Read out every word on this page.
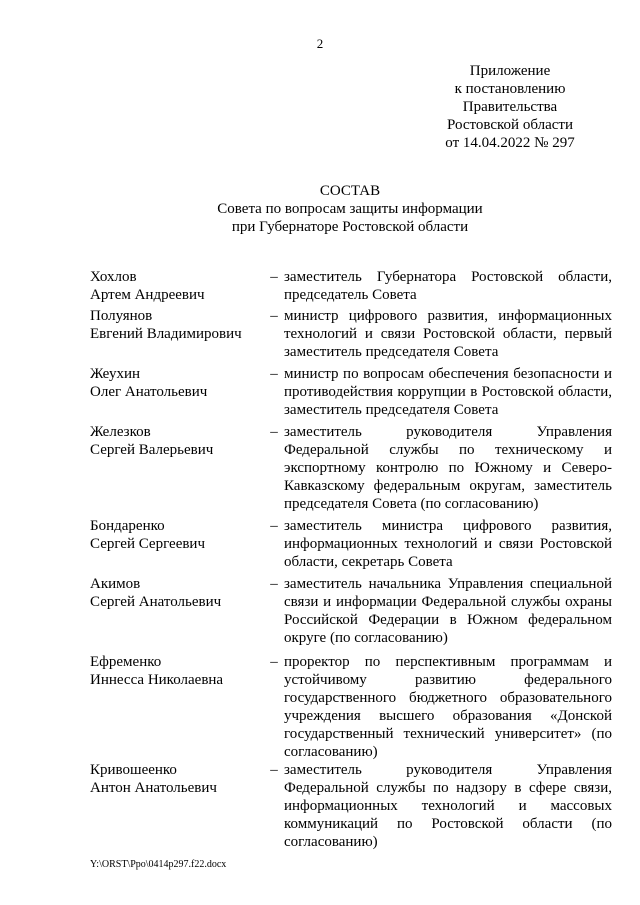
2
Приложение
к постановлению
Правительства
Ростовской области
от 14.04.2022 № 297
СОСТАВ
Совета по вопросам защиты информации
при Губернаторе Ростовской области
Хохлов
Артем Андреевич
– заместитель Губернатора Ростовской области, председатель Совета
Полуянов
Евгений Владимирович
– министр цифрового развития, информационных технологий и связи Ростовской области, первый заместитель председателя Совета
Жеухин
Олег Анатольевич
– министр по вопросам обеспечения безопасности и противодействия коррупции в Ростовской области, заместитель председателя Совета
Железков
Сергей Валерьевич
– заместитель руководителя Управления Федеральной службы по техническому и экспортному контролю по Южному и Северо-Кавказскому федеральным округам, заместитель председателя Совета (по согласованию)
Бондаренко
Сергей Сергеевич
– заместитель министра цифрового развития, информационных технологий и связи Ростовской области, секретарь Совета
Акимов
Сергей Анатольевич
– заместитель начальника Управления специальной связи и информации Федеральной службы охраны Российской Федерации в Южном федеральном округе (по согласованию)
Ефременко
Иннесса Николаевна
– проректор по перспективным программам и устойчивому развитию федерального государственного бюджетного образовательного учреждения высшего образования «Донской государственный технический университет» (по согласованию)
Кривошеенко
Антон Анатольевич
– заместитель руководителя Управления Федеральной службы по надзору в сфере связи, информационных технологий и массовых коммуникаций по Ростовской области (по согласованию)
Y:\ORST\Ppo\0414p297.f22.docx
